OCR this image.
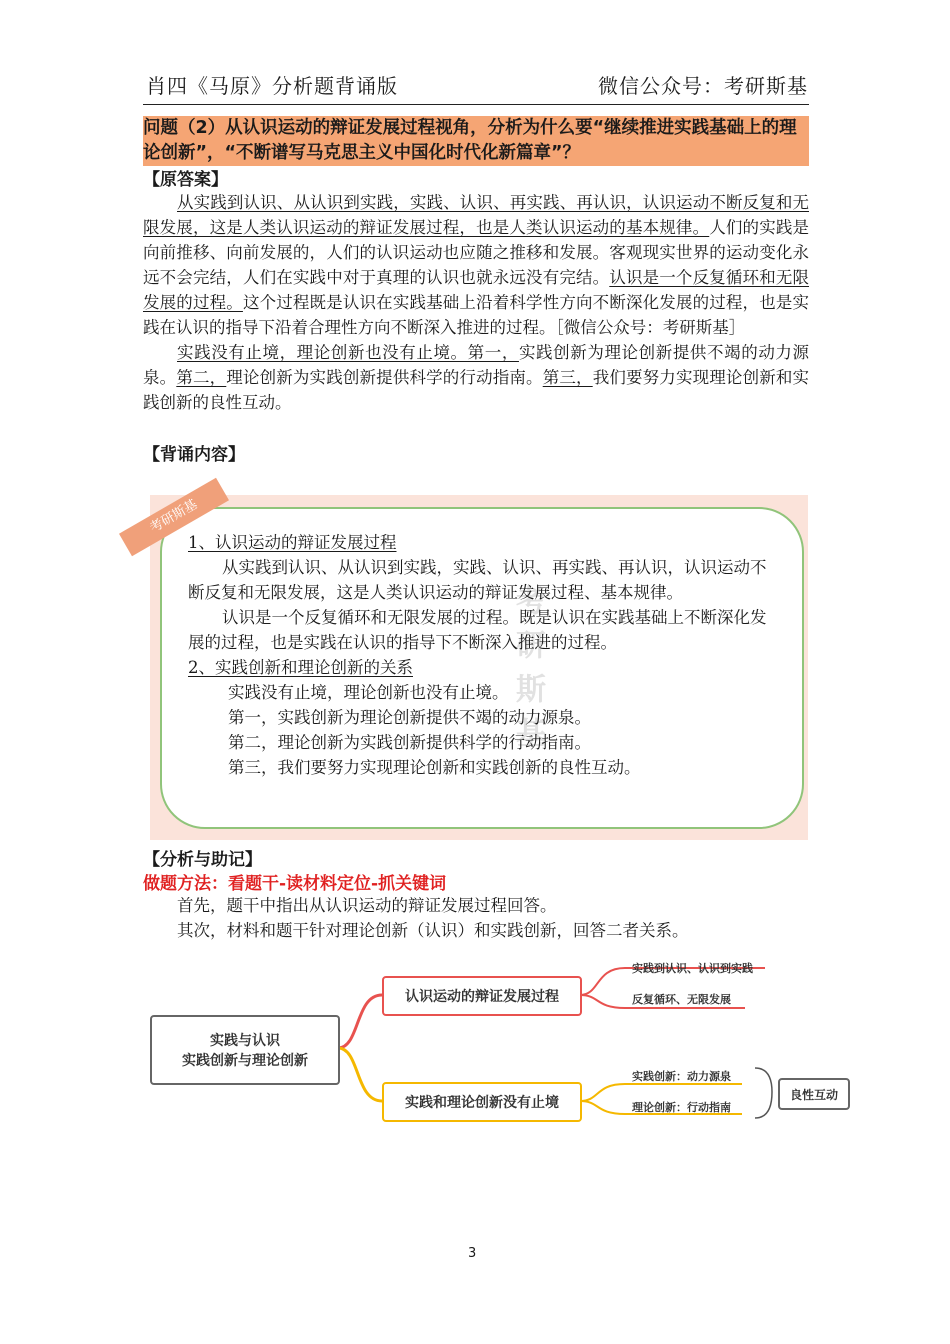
肖四《马原》分析题背诵版	微信公众号：考研斯基
问题（2）从认识运动的辩证发展过程视角，分析为什么要“继续推进实践基础上的理论创新”，“不断谱写马克思主义中国化时代化新篇章”？
【原答案】

从实践到认识、从认识到实践，实践、认识、再实践、再认识，认识运动不断反复和无限发展，这是人类认识运动的辩证发展过程，也是人类认识运动的基本规律。人们的实践是向前推移、向前发展的，人们的认识运动也应随之推移和发展。客观现实世界的运动变化永远不会完结，人们在实践中对于真理的认识也就永远没有完结。认识是一个反复循环和无限发展的过程。这个过程既是认识在实践基础上沿着科学性方向不断深化发展的过程，也是实践在认识的指导下沿着合理性方向不断深入推进的过程。［微信公众号：考研斯基］

实践没有止境，理论创新也没有止境。第一，实践创新为理论创新提供不竭的动力源泉。第二，理论创新为实践创新提供科学的行动指南。第三，我们要努力实现理论创新和实践创新的良性互动。

【背诵内容】
考研斯基
考研斯基

1、认识运动的辩证发展过程

从实践到认识、从认识到实践，实践、认识、再实践、再认识，认识运动不断反复和无限发展，这是人类认识运动的辩证发展过程、基本规律。

认识是一个反复循环和无限发展的过程。既是认识在实践基础上不断深化发展的过程，也是实践在认识的指导下不断深入推进的过程。

2、实践创新和理论创新的关系

实践没有止境，理论创新也没有止境。

第一，实践创新为理论创新提供不竭的动力源泉。

第二，理论创新为实践创新提供科学的行动指南。

第三，我们要努力实现理论创新和实践创新的良性互动。

【分析与助记】
做题方法：看题干-读材料定位-抓关键词
首先，题干中指出从认识运动的辩证发展过程回答。
其次，材料和题干针对理论创新（认识）和实践创新，回答二者关系。
实践与认识
实践创新与理论创新
认识运动的辩证发展过程
实践和理论创新没有止境
实践到认识、认识到实践
反复循环、无限发展
实践创新：动力源泉
理论创新：行动指南
良性互动
3
